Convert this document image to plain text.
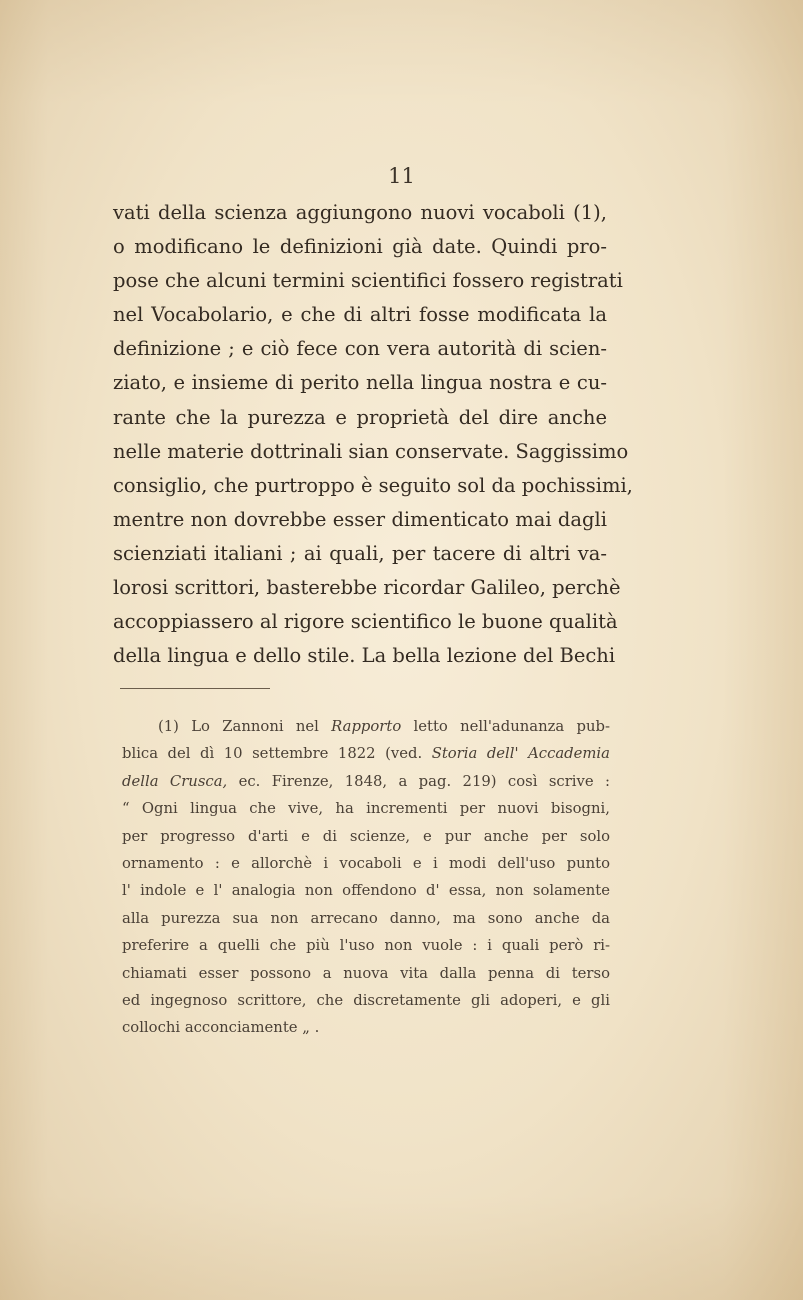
11
vati della scienza aggiungono nuovi vocaboli (1),
o modificano le definizioni già date. Quindi pro-
pose che alcuni termini scientifici fossero registrati
nel Vocabolario, e che di altri fosse modificata la
definizione ; e ciò fece con vera autorità di scien-
ziato, e insieme di perito nella lingua nostra e cu-
rante che la purezza e proprietà del dire anche
nelle materie dottrinali sian conservate. Saggissimo
consiglio, che purtroppo è seguito sol da pochissimi,
mentre non dovrebbe esser dimenticato mai dagli
scienziati italiani ; ai quali, per tacere di altri va-
lorosi scrittori, basterebbe ricordar Galileo, perchè
accoppiassero al rigore scientifico le buone qualità
della lingua e dello stile. La bella lezione del Bechi
(1) Lo Zannoni nel Rapporto letto nell'adunanza pub-
blica del dì 10 settembre 1822 (ved. Storia dell' Accademia
della Crusca, ec. Firenze, 1848, a pag. 219) così scrive :
“ Ogni lingua che vive, ha incrementi per nuovi bisogni,
per progresso d'arti e di scienze, e pur anche per solo
ornamento : e allorchè i vocaboli e i modi dell'uso punto
l' indole e l' analogia non offendono d' essa, non solamente
alla purezza sua non arrecano danno, ma sono anche da
preferire a quelli che più l'uso non vuole : i quali però ri-
chiamati esser possono a nuova vita dalla penna di terso
ed ingegnoso scrittore, che discretamente gli adoperi, e gli
collochi acconciamente „ .
